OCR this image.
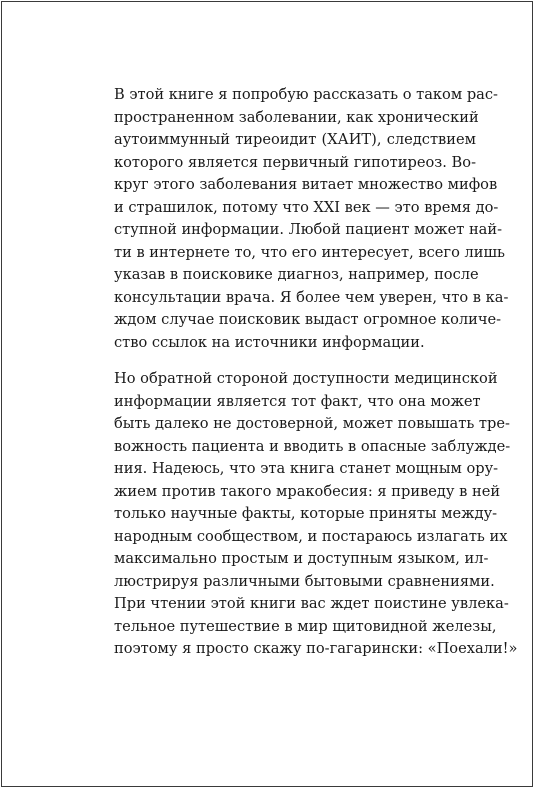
В этой книге я попробую рассказать о таком рас-
пространенном заболевании, как хронический
аутоиммунный тиреоидит (ХАИТ), следствием
которого является первичный гипотиреоз. Во-
круг этого заболевания витает множество мифов
и страшилок, потому что XXI век — это время до-
ступной информации. Любой пациент может най-
ти в интернете то, что его интересует, всего лишь
указав в поисковике диагноз, например, после
консультации врача. Я более чем уверен, что в ка-
ждом случае поисковик выдаст огромное количе-
ство ссылок на источники информации.

Но обратной стороной доступности медицинской
информации является тот факт, что она может
быть далеко не достоверной, может повышать тре-
вожность пациента и вводить в опасные заблужде-
ния. Надеюсь, что эта книга станет мощным ору-
жием против такого мракобесия: я приведу в ней
только научные факты, которые приняты между-
народным сообществом, и постараюсь излагать их
максимально простым и доступным языком, ил-
люстрируя различными бытовыми сравнениями.
При чтении этой книги вас ждет поистине увлека-
тельное путешествие в мир щитовидной железы,
поэтому я просто скажу по-гагарински: «Поехали!»
